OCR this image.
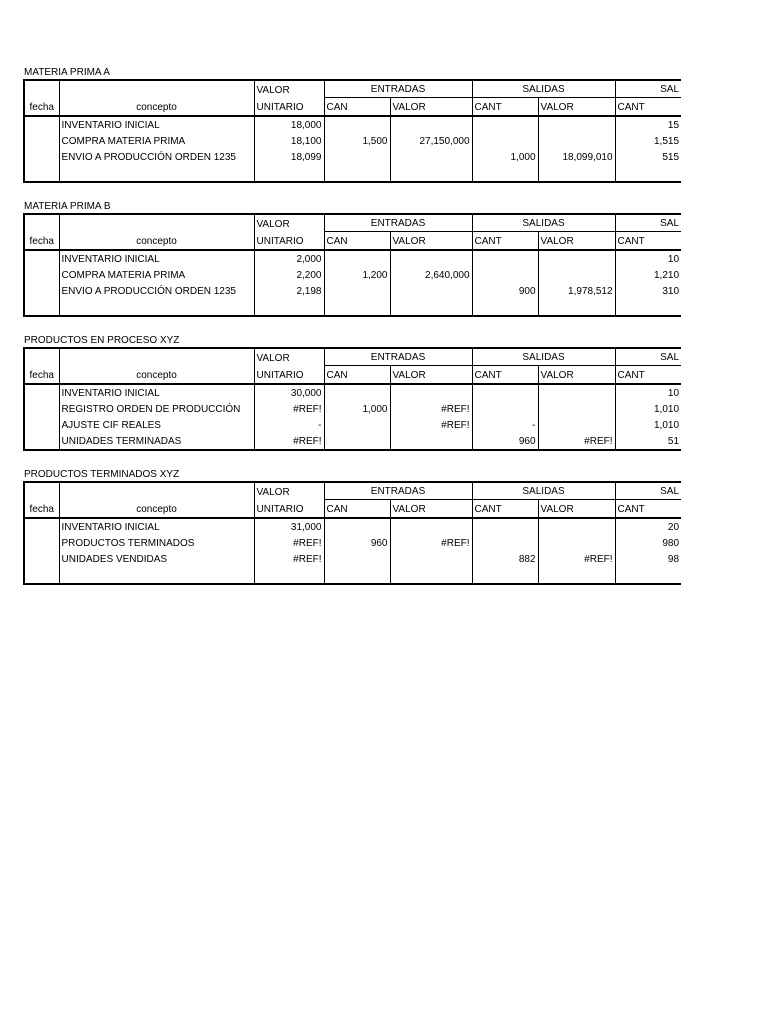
MATERIA PRIMA A
		VALOR	ENTRADAS		SALIDAS		SAL
fecha	concepto	UNITARIO	CAN	VALOR	CANT	VALOR	CANT
	INVENTARIO INICIAL	18,000					15
	COMPRA MATERIA PRIMA	18,100	1,500	27,150,000			1,515
	ENVIO A PRODUCCIÓN ORDEN 1235	18,099			1,000	18,099,010	515

MATERIA PRIMA B
		VALOR	ENTRADAS		SALIDAS		SAL
fecha	concepto	UNITARIO	CAN	VALOR	CANT	VALOR	CANT
	INVENTARIO INICIAL	2,000					10
	COMPRA MATERIA PRIMA	2,200	1,200	2,640,000			1,210
	ENVIO A PRODUCCIÓN ORDEN 1235	2,198			900	1,978,512	310

PRODUCTOS EN PROCESO XYZ
		VALOR	ENTRADAS		SALIDAS		SAL
fecha	concepto	UNITARIO	CAN	VALOR	CANT	VALOR	CANT
	INVENTARIO INICIAL	30,000					10
	REGISTRO ORDEN DE PRODUCCIÓN	#REF!	1,000	#REF!			1,010
	AJUSTE CIF REALES	-		#REF!	-		1,010
	UNIDADES TERMINADAS	#REF!			960	#REF!	51
PRODUCTOS TERMINADOS XYZ
		VALOR	ENTRADAS		SALIDAS		SAL
fecha	concepto	UNITARIO	CAN	VALOR	CANT	VALOR	CANT
	INVENTARIO INICIAL	31,000					20
	PRODUCTOS TERMINADOS	#REF!	960	#REF!			980
	UNIDADES VENDIDAS	#REF!			882	#REF!	98
